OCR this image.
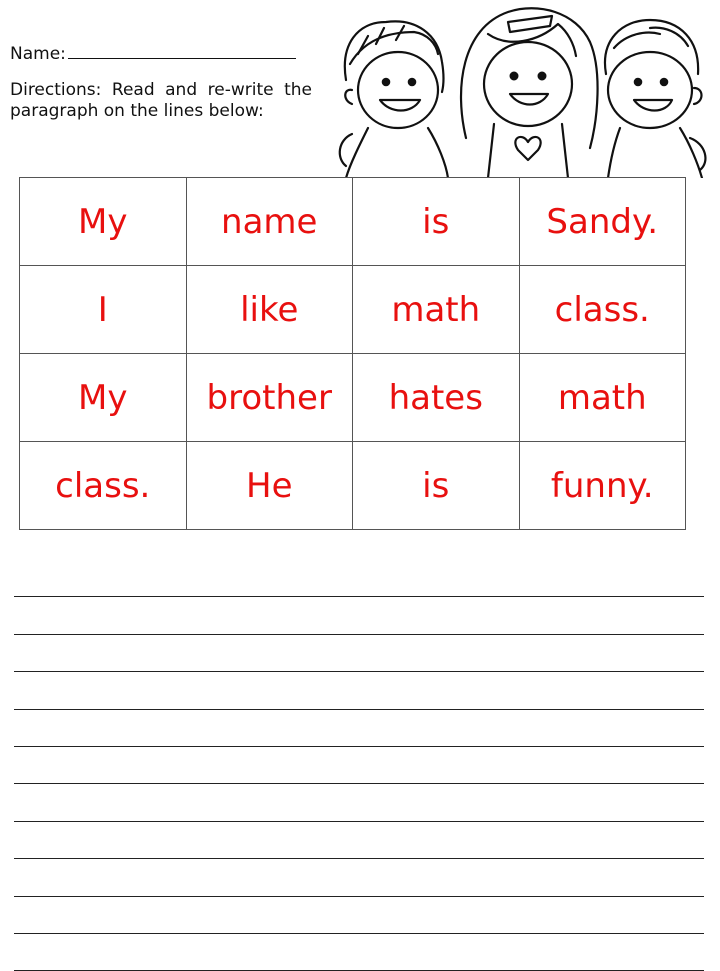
Name:
Directions: Read and re-write the paragraph on the lines below:
My	name	is	Sandy.
I	like	math	class.
My	brother	hates	math
class.	He	is	funny.
